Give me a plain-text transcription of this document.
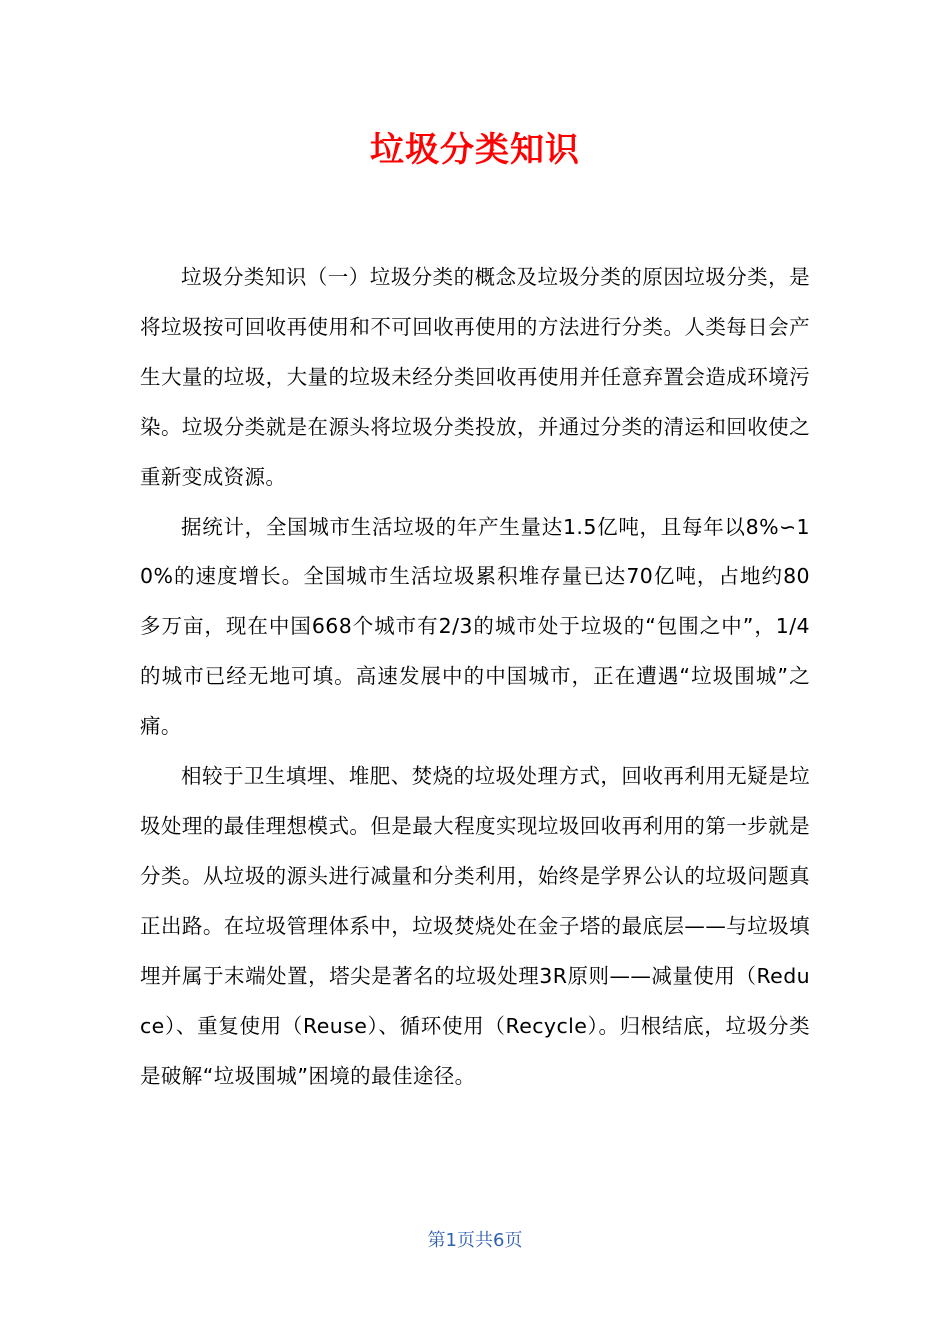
垃圾分类知识

垃圾分类知识（一）垃圾分类的概念及垃圾分类的原因垃圾分类，是将垃圾按可回收再使用和不可回收再使用的方法进行分类。人类每日会产生大量的垃圾，大量的垃圾未经分类回收再使用并任意弃置会造成环境污染。垃圾分类就是在源头将垃圾分类投放，并通过分类的清运和回收使之重新变成资源。

据统计，全国城市生活垃圾的年产生量达1.5亿吨，且每年以8%∽10%的速度增长。全国城市生活垃圾累积堆存量已达70亿吨，占地约80多万亩，现在中国668个城市有2/3的城市处于垃圾的“包围之中”，1/4的城市已经无地可填。高速发展中的中国城市，正在遭遇“垃圾围城”之痛。

相较于卫生填埋、堆肥、焚烧的垃圾处理方式，回收再利用无疑是垃圾处理的最佳理想模式。但是最大程度实现垃圾回收再利用的第一步就是分类。从垃圾的源头进行减量和分类利用，始终是学界公认的垃圾问题真正出路。在垃圾管理体系中，垃圾焚烧处在金子塔的最底层——与垃圾填埋并属于末端处置，塔尖是著名的垃圾处理3R原则——减量使用（Reduce）、重复使用（Reuse）、循环使用（Recycle）。归根结底，垃圾分类是破解“垃圾围城”困境的最佳途径。

第1页共6页
